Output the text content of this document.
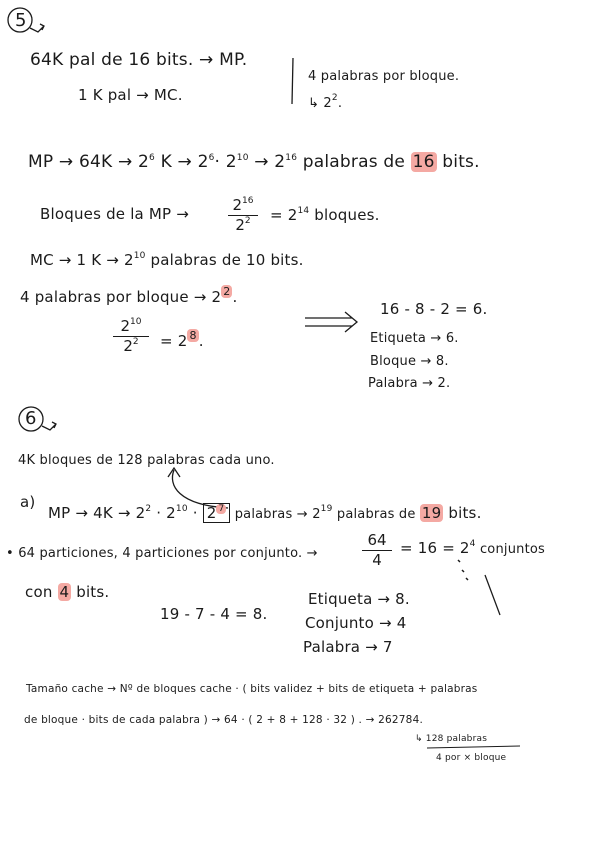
5
64K pal de 16 bits. → MP.
1 K pal → MC.
4 palabras por bloque.
↳ $2^2$.
MP → $64K \to 2^6$ $K \to 2^6\cdot 2^{10} \to 2^{16}$ palabras de 16 bits.
Bloques de la MP →	$2^{16}$
$2^2$	= $2^{14}$ bloques.
MC → 1 $K \to 2^{10}$ palabras de 10 bits.
4 palabras por bloque → 2 $^2$ .
$2^{10}$
$2^2$	= 2 $^8$ .
16 - 8 - 2 = 6.
Etiqueta → 6.
Bloque → 8.
Palabra → 2.
6
4K bloques de 128 palabras cada uno.
a)
MP → $4K \to 2^2 \cdot 2^{10} \cdot 2$ $^7$ palabras → $2^{19}$ palabras de 19 bits.
• 64 particiones, 4 particiones por conjunto. →
64
4
= $16 = 2^4$ conjuntos
con 4 bits.
19 - 7 - 4 = 8.
Etiqueta → 8.
Conjunto → 4
Palabra → 7
Tamaño cache → Nº de bloques cache · ( bits validez + bits de etiqueta + palabras
de bloque · bits de cada palabra ) → 64 · ( 2 + 8 + 128 · 32 ) . → 262784.
↳ 128 palabras
4 por × bloque
